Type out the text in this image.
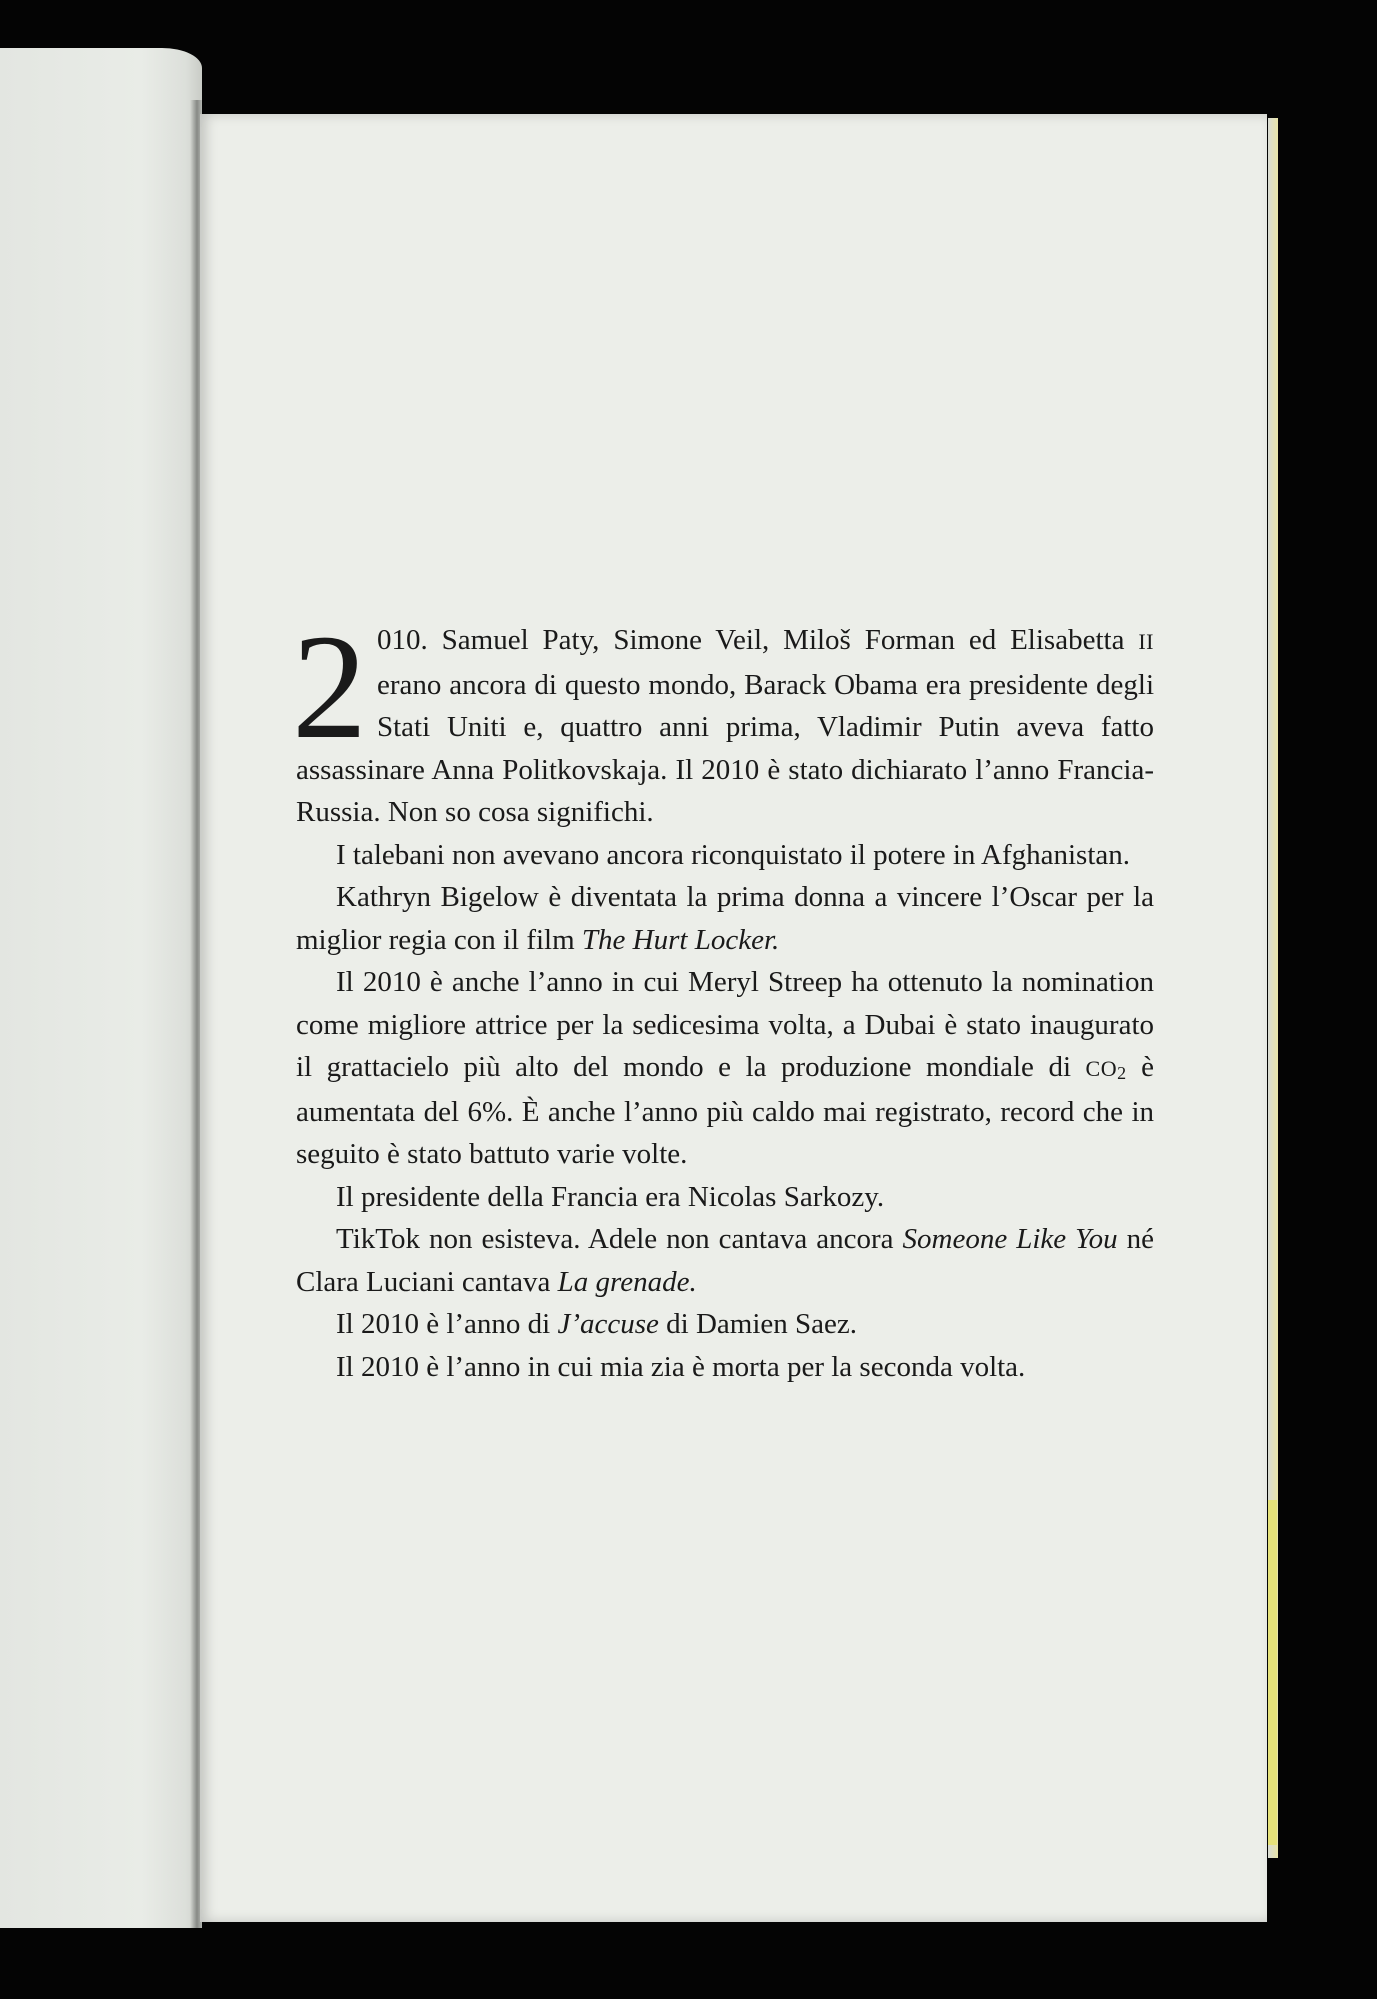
2 010. Samuel Paty, Simone Veil, Miloš Forman ed Elisabetta II erano ancora di questo mondo, Barack Obama era presidente degli Stati Uniti e, quattro anni prima, Vladimir Putin aveva fatto assassinare Anna Politkovskaja. Il 2010 è stato dichiarato l’anno Francia-Russia. Non so cosa significhi.

I talebani non avevano ancora riconquistato il potere in Afghanistan.

Kathryn Bigelow è diventata la prima donna a vincere l’Oscar per la miglior regia con il film The Hurt Locker.

Il 2010 è anche l’anno in cui Meryl Streep ha ottenuto la nomination come migliore attrice per la sedicesima volta, a Dubai è stato inaugurato il grattacielo più alto del mondo e la produzione mondiale di $CO_2$ è aumentata del 6%. È anche l’anno più caldo mai registrato, record che in seguito è stato battuto varie volte.

Il presidente della Francia era Nicolas Sarkozy.

TikTok non esisteva. Adele non cantava ancora Someone Like You né Clara Luciani cantava La grenade.

Il 2010 è l’anno di J’accuse di Damien Saez.

Il 2010 è l’anno in cui mia zia è morta per la seconda volta.
